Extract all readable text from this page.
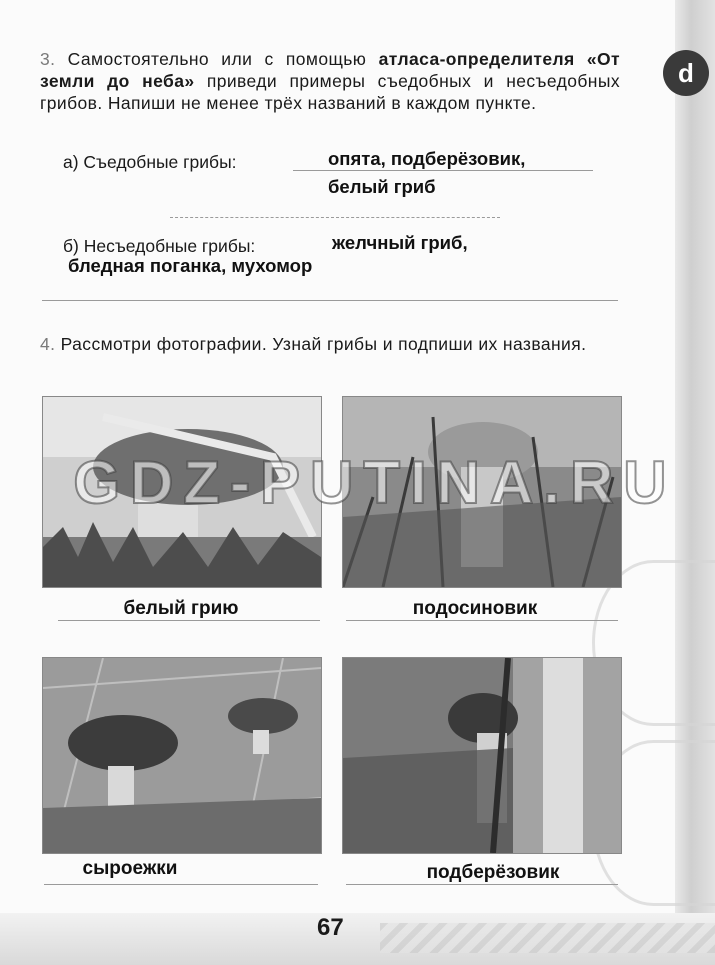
d
3. Самостоятельно или с помощью атласа-определителя «От земли до неба» приведи примеры съедобных и несъедобных грибов. Напиши не менее трёх названий в каждом пункте.
а) Съедобные грибы:	опята, подберёзовик,
белый гриб
б) Несъедобные грибы:	желчный гриб,
бледная поганка, мухомор
4. Рассмотри фотографии. Узнай грибы и подпиши их названия.
белый грию	подосиновик
сыроежки	подберёзовик
GDZ-PUTINA.RU
67
